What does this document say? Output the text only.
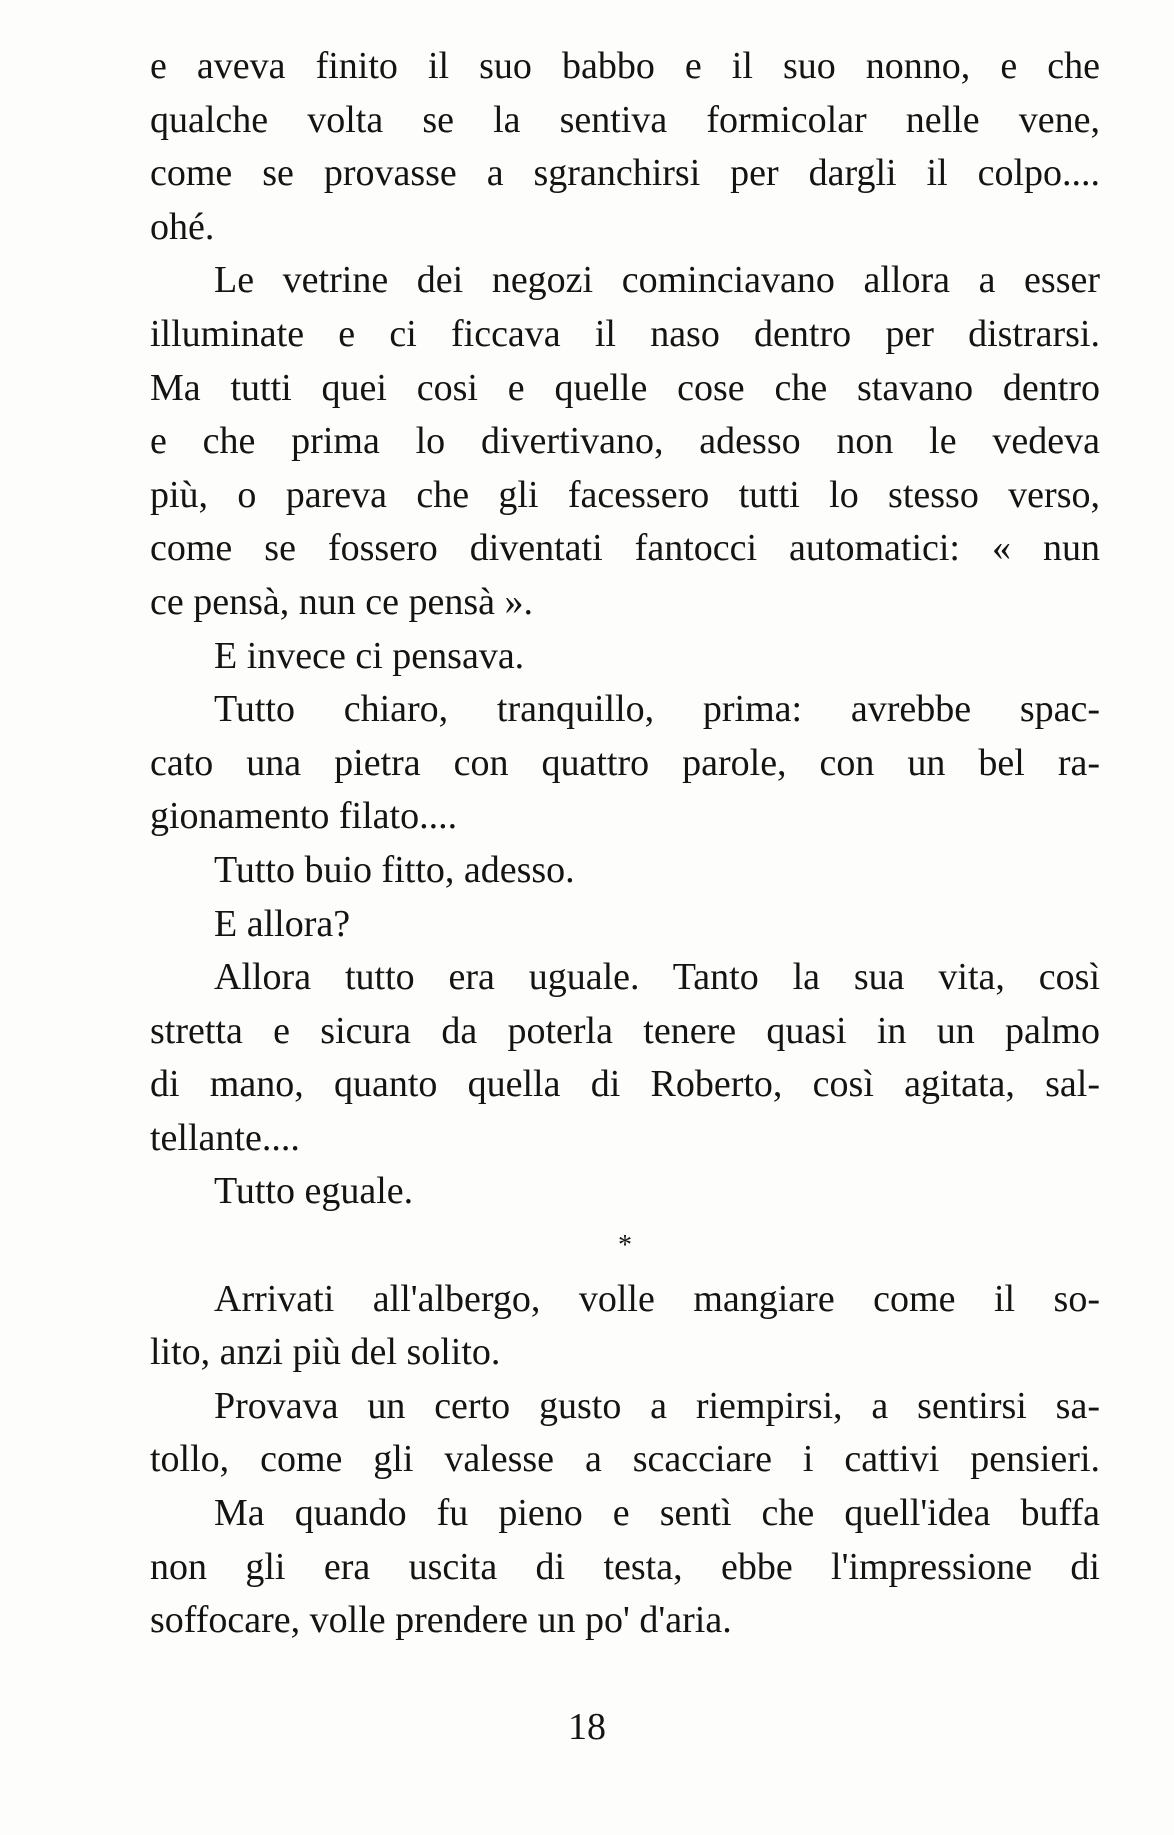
e aveva finito il suo babbo e il suo nonno, e che
qualche volta se la sentiva formicolar nelle vene,
come se provasse a sgranchirsi per dargli il colpo....
ohé.
Le vetrine dei negozi cominciavano allora a esser
illuminate e ci ficcava il naso dentro per distrarsi.
Ma tutti quei cosi e quelle cose che stavano dentro
e che prima lo divertivano, adesso non le vedeva
più, o pareva che gli facessero tutti lo stesso verso,
come se fossero diventati fantocci automatici: « nun
ce pensà, nun ce pensà ».
E invece ci pensava.
Tutto chiaro, tranquillo, prima: avrebbe spac-
cato una pietra con quattro parole, con un bel ra-
gionamento filato....
Tutto buio fitto, adesso.
E allora?
Allora tutto era uguale. Tanto la sua vita, così
stretta e sicura da poterla tenere quasi in un palmo
di mano, quanto quella di Roberto, così agitata, sal-
tellante....
Tutto eguale.
*
Arrivati all'albergo, volle mangiare come il so-
lito, anzi più del solito.
Provava un certo gusto a riempirsi, a sentirsi sa-
tollo, come gli valesse a scacciare i cattivi pensieri.
Ma quando fu pieno e sentì che quell'idea buffa
non gli era uscita di testa, ebbe l'impressione di
soffocare, volle prendere un po' d'aria.
18
